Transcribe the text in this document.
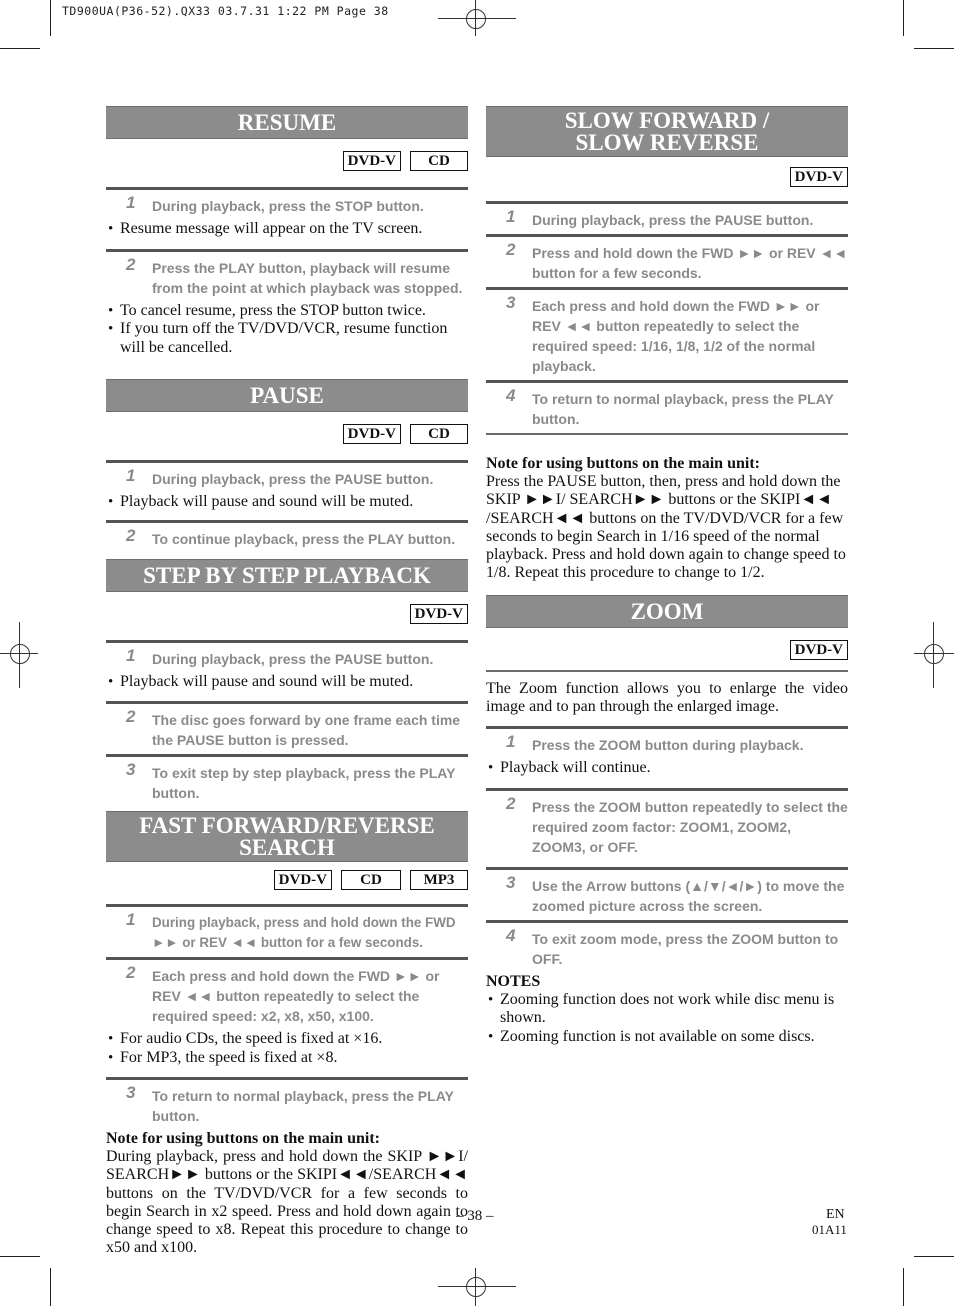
TD900UA(P36-52).QX33 03.7.31 1:22 PM Page 38
RESUME
DVD-V	CD
1 During playback, press the STOP button.
• Resume message will appear on the TV screen.
2 Press the PLAY button, playback will resume from the point at which playback was stopped.
• To cancel resume, press the STOP button twice.
• If you turn off the TV/DVD/VCR, resume function will be cancelled.
PAUSE
DVD-V	CD
1 During playback, press the PAUSE button.
• Playback will pause and sound will be muted.
2 To continue playback, press the PLAY button.
STEP BY STEP PLAYBACK
DVD-V
1 During playback, press the PAUSE button.
• Playback will pause and sound will be muted.
2 The disc goes forward by one frame each time the PAUSE button is pressed.
3 To exit step by step playback, press the PLAY button.
FAST FORWARD/REVERSE
SEARCH
DVD-V	CD	MP3
1 During playback, press and hold down the FWD ►► or REV ◄◄ button for a few seconds.
2 Each press and hold down the FWD ►► or REV ◄◄ button repeatedly to select the required speed: x2, x8, x50, x100.
• For audio CDs, the speed is fixed at ×16.
• For MP3, the speed is fixed at ×8.
3 To return to normal playback, press the PLAY button.
Note for using buttons on the main unit:
During playback, press and hold down the SKIP ►►I/ SEARCH►► buttons or the SKIPI◄◄/SEARCH◄◄ buttons on the TV/DVD/VCR for a few seconds to begin Search in x2 speed. Press and hold down again to change speed to x8. Repeat this procedure to change to x50 and x100.
SLOW FORWARD /
SLOW REVERSE
DVD-V
1 During playback, press the PAUSE button.
2 Press and hold down the FWD ►► or REV ◄◄ button for a few seconds.
3 Each press and hold down the FWD ►► or REV ◄◄ button repeatedly to select the required speed: 1/16, 1/8, 1/2 of the normal playback.
4 To return to normal playback, press the PLAY button.
Note for using buttons on the main unit:
Press the PAUSE button, then, press and hold down the SKIP ►►I/ SEARCH►► buttons or the SKIPI◄◄ /SEARCH◄◄ buttons on the TV/DVD/VCR for a few seconds to begin Search in 1/16 speed of the normal playback. Press and hold down again to change speed to 1/8. Repeat this procedure to change to 1/2.
ZOOM
DVD-V
The Zoom function allows you to enlarge the video image and to pan through the enlarged image.
1 Press the ZOOM button during playback.
• Playback will continue.
2 Press the ZOOM button repeatedly to select the required zoom factor: ZOOM1, ZOOM2, ZOOM3, or OFF.
3 Use the Arrow buttons (▲/▼/◄/►) to move the zoomed picture across the screen.
4 To exit zoom mode, press the ZOOM button to OFF.
NOTES
• Zooming function does not work while disc menu is shown.
• Zooming function is not available on some discs.
– 38 –	EN
01A11
